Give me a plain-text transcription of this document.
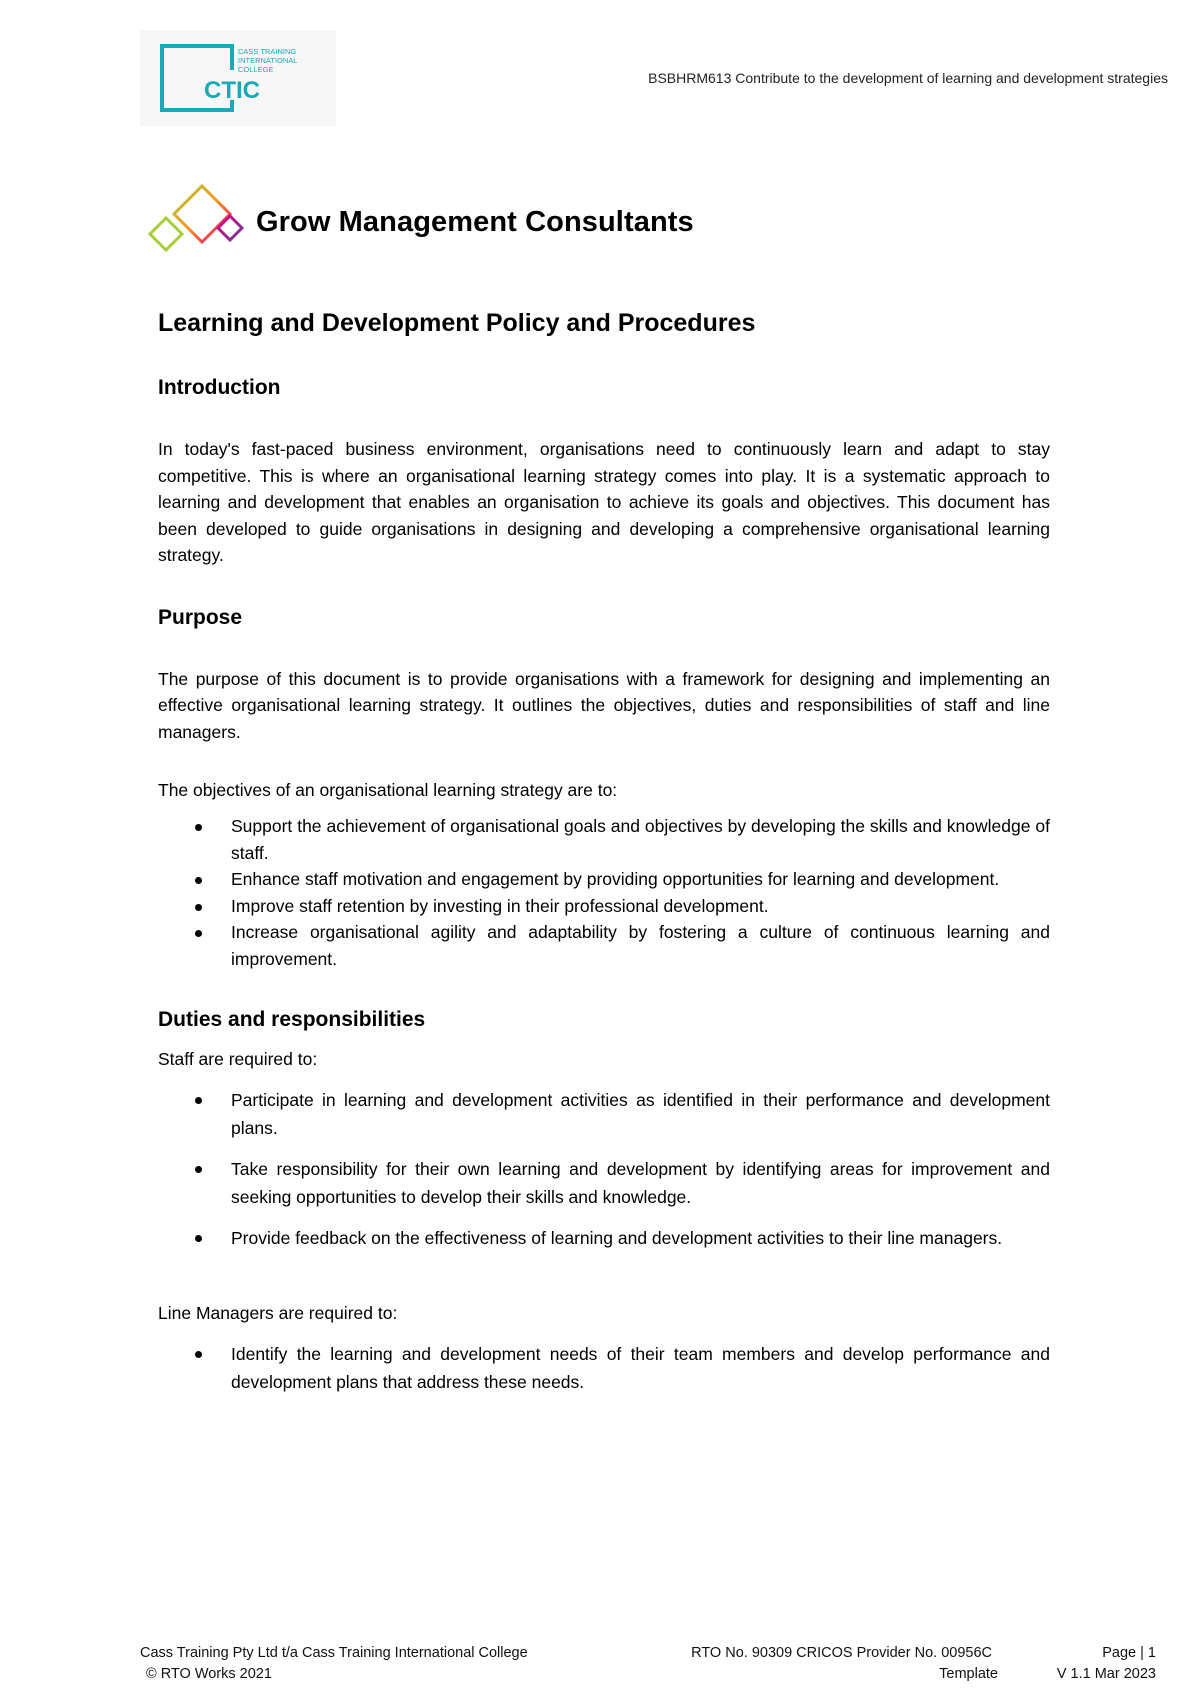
CASS TRAINING
INTERNATIONAL
COLLEGE
CTIC	BSBHRM613 Contribute to the development of learning and development strategies
Grow Management Consultants
Learning and Development Policy and Procedures
Introduction

In today's fast-paced business environment, organisations need to continuously learn and adapt to stay competitive. This is where an organisational learning strategy comes into play. It is a systematic approach to learning and development that enables an organisation to achieve its goals and objectives. This document has been developed to guide organisations in designing and developing a comprehensive organisational learning strategy.

Purpose

The purpose of this document is to provide organisations with a framework for designing and implementing an effective organisational learning strategy. It outlines the objectives, duties and responsibilities of staff and line managers.

The objectives of an organisational learning strategy are to:

Support the achievement of organisational goals and objectives by developing the skills and knowledge of staff.
Enhance staff motivation and engagement by providing opportunities for learning and development.
Improve staff retention by investing in their professional development.
Increase organisational agility and adaptability by fostering a culture of continuous learning and improvement.
Duties and responsibilities

Staff are required to:

Participate in learning and development activities as identified in their performance and development plans.
Take responsibility for their own learning and development by identifying areas for improvement and seeking opportunities to develop their skills and knowledge.
Provide feedback on the effectiveness of learning and development activities to their line managers.

Line Managers are required to:

Identify the learning and development needs of their team members and develop performance and development plans that address these needs.
Cass Training Pty Ltd t/a Cass Training International College	RTO No. 90309 CRICOS Provider No. 00956C	Page | 1
© RTO Works 2021	Template	V 1.1 Mar 2023
